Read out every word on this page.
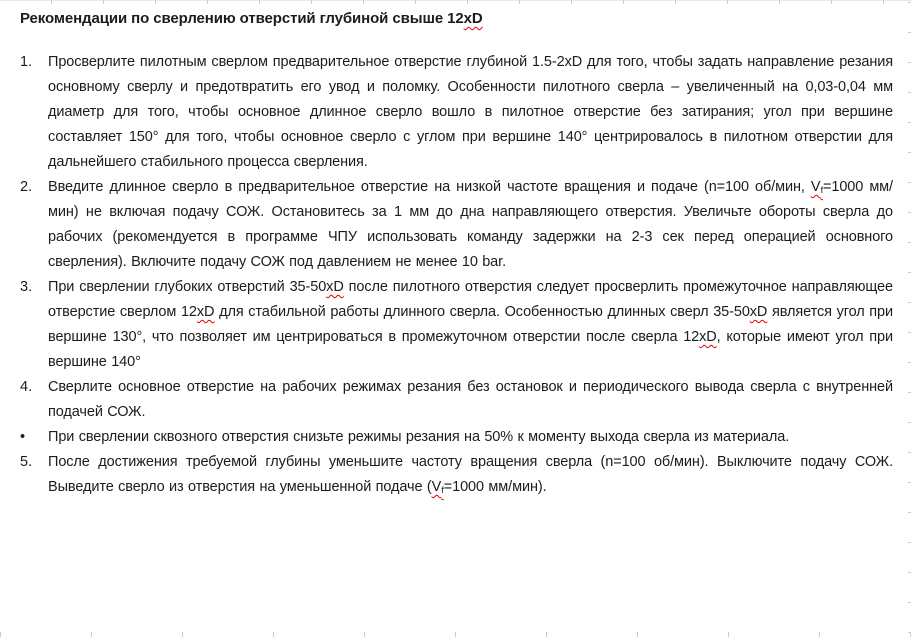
Рекомендации по сверлению отверстий глубиной свыше 12xD
1.	Просверлите пилотным сверлом предварительное отверстие глубиной 1.5-2xD для того, чтобы задать направление резания основному сверлу и предотвратить его увод и поломку. Особенности пилотного сверла – увеличенный на 0,03-0,04 мм диаметр для того, чтобы основное длинное сверло вошло в пилотное отверстие без затирания; угол при вершине составляет 150° для того, чтобы основное сверло с углом при вершине 140° центрировалось в пилотном отверстии для дальнейшего стабильного процесса сверления.
2.	Введите длинное сверло в предварительное отверстие на низкой частоте вращения и подаче (n=100 об/мин, $V_f=1000$ мм/мин) не включая подачу СОЖ. Остановитесь за 1 мм до дна направляющего отверстия. Увеличьте обороты сверла до рабочих (рекомендуется в программе ЧПУ использовать команду задержки на 2-3 сек перед операцией основного сверления). Включите подачу СОЖ под давлением не менее 10 bar.
3.	При сверлении глубоких отверстий 35-50xD после пилотного отверстия следует просверлить промежуточное направляющее отверстие сверлом 12xD для стабильной работы длинного сверла. Особенностью длинных сверл 35-50xD является угол при вершине 130°, что позволяет им центрироваться в промежуточном отверстии после сверла 12xD, которые имеют угол при вершине 140°
4.	Сверлите основное отверстие на рабочих режимах резания без остановок и периодического вывода сверла с внутренней подачей СОЖ.
•	При сверлении сквозного отверстия снизьте режимы резания на 50% к моменту выхода сверла из материала.
5.	После достижения требуемой глубины уменьшите частоту вращения сверла (n=100 об/мин). Выключите подачу СОЖ. Выведите сверло из отверстия на уменьшенной подаче ($V_f=1000$ мм/мин).
